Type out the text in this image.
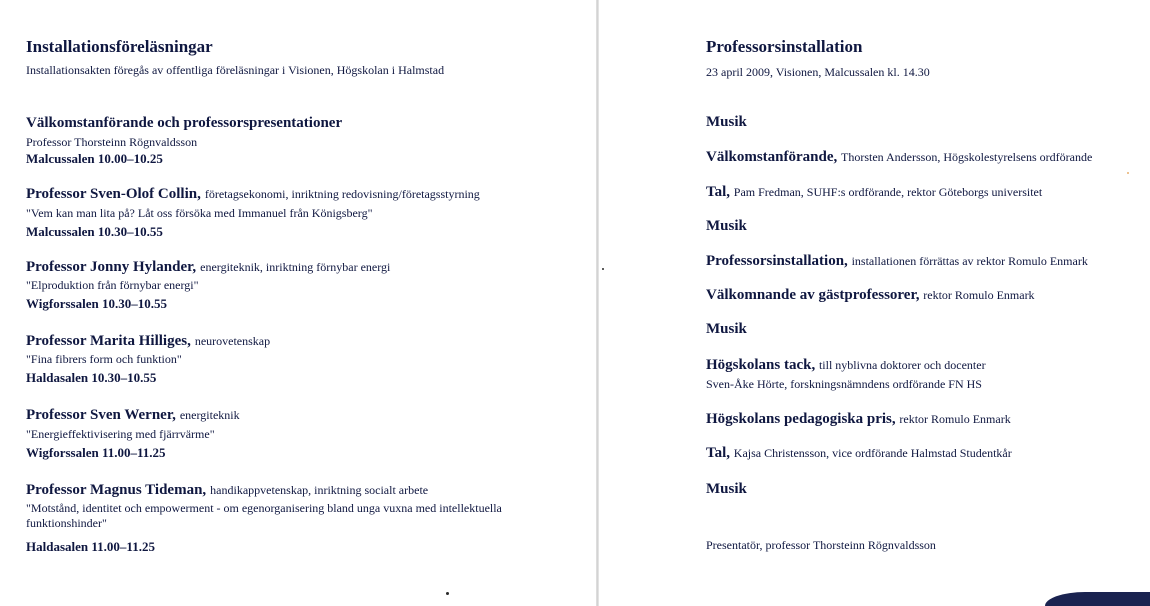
Installationsföreläsningar
Installationsakten föregås av offentliga föreläsningar i Visionen, Högskolan i Halmstad
Välkomstanförande och professorspresentationer
Professor Thorsteinn Rögnvaldsson
Malcussalen 10.00–10.25
Professor Sven-Olof Collin, företagsekonomi, inriktning redovisning/företagsstyrning
"Vem kan man lita på? Låt oss försöka med Immanuel från Königsberg"
Malcussalen 10.30–10.55
Professor Jonny Hylander, energiteknik, inriktning förnybar energi
"Elproduktion från förnybar energi"
Wigforssalen 10.30–10.55
Professor Marita Hilliges, neurovetenskap
"Fina fibrers form och funktion"
Haldasalen 10.30–10.55
Professor Sven Werner, energiteknik
"Energieffektivisering med fjärrvärme"
Wigforssalen 11.00–11.25
Professor Magnus Tideman, handikappvetenskap, inriktning socialt arbete
"Motstånd, identitet och empowerment - om egenorganisering bland unga vuxna med intellektuella funktionshinder"
Haldasalen 11.00–11.25
Professorsinstallation
23 april 2009, Visionen, Malcussalen kl. 14.30
Musik
Välkomstanförande, Thorsten Andersson, Högskolestyrelsens ordförande
Tal, Pam Fredman, SUHF:s ordförande, rektor Göteborgs universitet
Musik
Professorsinstallation, installationen förrättas av rektor Romulo Enmark
Välkomnande av gästprofessorer, rektor Romulo Enmark
Musik
Högskolans tack, till nyblivna doktorer och docenter
Sven-Åke Hörte, forskningsnämndens ordförande FN HS
Högskolans pedagogiska pris, rektor Romulo Enmark
Tal, Kajsa Christensson, vice ordförande Halmstad Studentkår
Musik
Presentatör, professor Thorsteinn Rögnvaldsson
